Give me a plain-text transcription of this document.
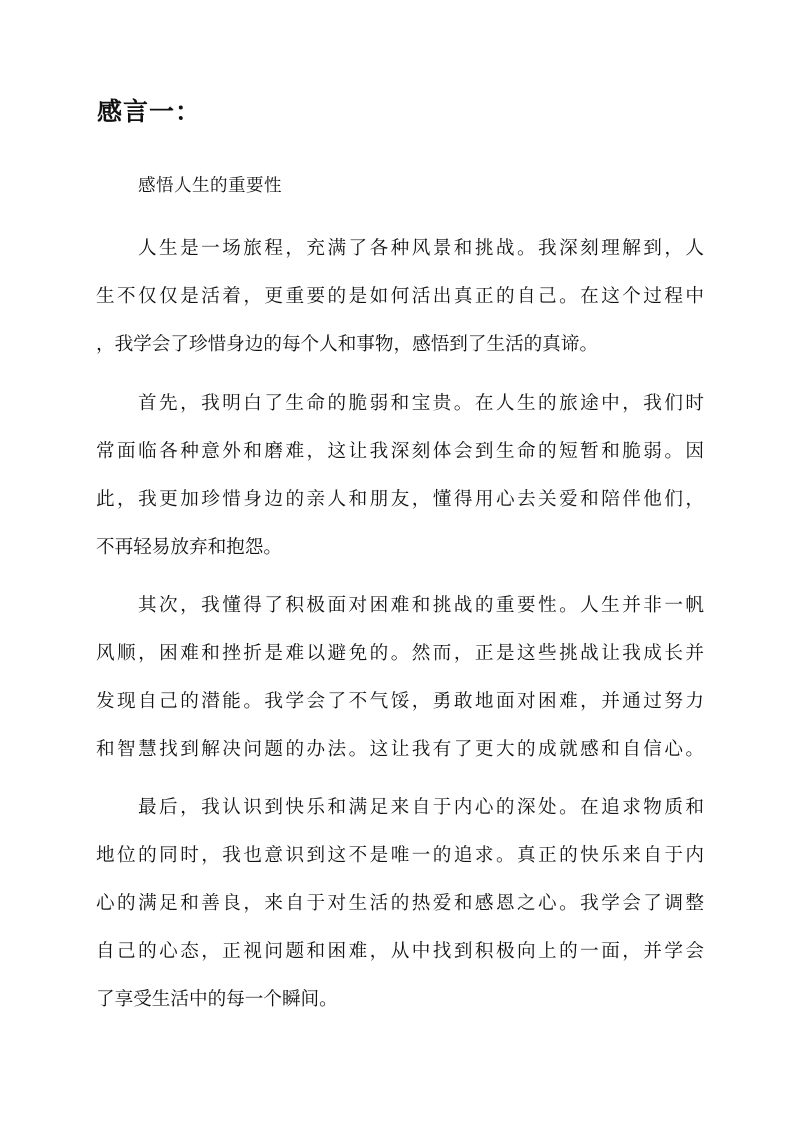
感言一：
感悟人生的重要性
人生是一场旅程，充满了各种风景和挑战。我深刻理解到，人
生不仅仅是活着，更重要的是如何活出真正的自己。在这个过程中
，我学会了珍惜身边的每个人和事物，感悟到了生活的真谛。
首先，我明白了生命的脆弱和宝贵。在人生的旅途中，我们时
常面临各种意外和磨难，这让我深刻体会到生命的短暂和脆弱。因
此，我更加珍惜身边的亲人和朋友，懂得用心去关爱和陪伴他们，
不再轻易放弃和抱怨。
其次，我懂得了积极面对困难和挑战的重要性。人生并非一帆
风顺，困难和挫折是难以避免的。然而，正是这些挑战让我成长并
发现自己的潜能。我学会了不气馁，勇敢地面对困难，并通过努力
和智慧找到解决问题的办法。这让我有了更大的成就感和自信心。
最后，我认识到快乐和满足来自于内心的深处。在追求物质和
地位的同时，我也意识到这不是唯一的追求。真正的快乐来自于内
心的满足和善良，来自于对生活的热爱和感恩之心。我学会了调整
自己的心态，正视问题和困难，从中找到积极向上的一面，并学会
了享受生活中的每一个瞬间。
